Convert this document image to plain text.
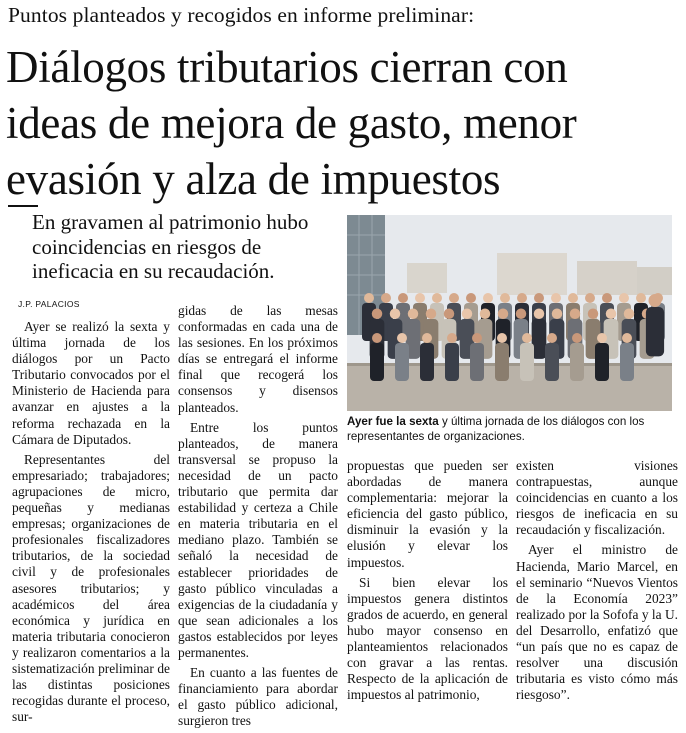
Puntos planteados y recogidos en informe preliminar:
Diálogos tributarios cierran con
ideas de mejora de gasto, menor
evasión y alza de impuestos
En gravamen al patrimonio hubo coincidencias en riesgos de ineficacia en su recaudación.
J.P. PALACIOS

Ayer se realizó la sexta y última jornada de los diálogos por un Pacto Tributario convocados por el Ministerio de Hacienda para avanzar en ajustes a la reforma rechazada en la Cámara de Diputados.

Representantes del empresariado; trabajadores; agrupaciones de micro, pequeñas y medianas empresas; organizaciones de profesionales fiscalizadores tributarios, de la sociedad civil y de profesionales asesores tributarios; y académicos del área económica y jurídica en materia tributaria conocieron y realizaron comentarios a la sistematización preliminar de las distintas posiciones recogidas durante el proceso, sur-

gidas de las mesas conformadas en cada una de las sesiones. En los próximos días se entregará el informe final que recogerá los consensos y disensos planteados.

Entre los puntos planteados, de manera transversal se propuso la necesidad de un pacto tributario que permita dar estabilidad y certeza a Chile en materia tributaria en el mediano plazo. También se señaló la necesidad de establecer prioridades de gasto público vinculadas a exigencias de la ciudadanía y que sean adicionales a los gastos establecidos por leyes permanentes.

En cuanto a las fuentes de financiamiento para abordar el gasto público adicional, surgieron tres

propuestas que pueden ser abordadas de manera complementaria: mejorar la eficiencia del gasto público, disminuir la evasión y la elusión y elevar los impuestos.

Si bien elevar los impuestos genera distintos grados de acuerdo, en general hubo mayor consenso en planteamientos relacionados con gravar a las rentas. Respecto de la aplicación de impuestos al patrimonio,

existen visiones contrapuestas, aunque coincidencias en cuanto a los riesgos de ineficacia en su recaudación y fiscalización.

Ayer el ministro de Hacienda, Mario Marcel, en el seminario “Nuevos Vientos de la Economía 2023” realizado por la Sofofa y la U. del Desarrollo, enfatizó que “un país que no es capaz de resolver una discusión tributaria es visto cómo más riesgoso”.

Ayer fue la sexta y última jornada de los diálogos con los representantes de organizaciones.
